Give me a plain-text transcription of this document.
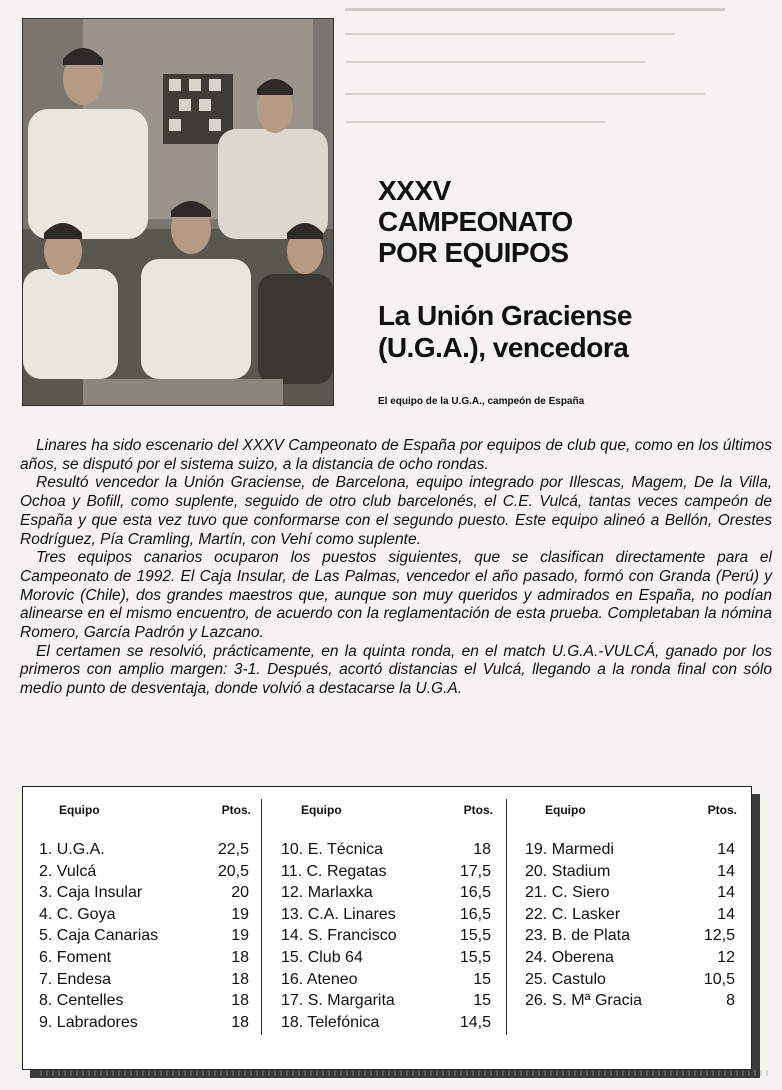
XXXV
CAMPEONATO
POR EQUIPOS
La Unión Graciense
(U.G.A.), vencedora
El equipo de la U.G.A., campeón de España

Linares ha sido escenario del XXXV Campeonato de España por equipos de club que, como en los últimos años, se disputó por el sistema suizo, a la distancia de ocho rondas.

Resultó vencedor la Unión Graciense, de Barcelona, equipo integrado por Illescas, Magem, De la Villa, Ochoa y Bofill, como suplente, seguido de otro club barcelonés, el C.E. Vulcá, tantas veces campeón de España y que esta vez tuvo que conformarse con el segundo puesto. Este equipo alineó a Bellón, Orestes Rodríguez, Pía Cramling, Martín, con Vehí como suplente.

Tres equipos canarios ocuparon los puestos siguientes, que se clasifican directamente para el Campeonato de 1992. El Caja Insular, de Las Palmas, vencedor el año pasado, formó con Granda (Perú) y Morovic (Chile), dos grandes maestros que, aunque son muy queridos y admirados en España, no podían alinearse en el mismo encuentro, de acuerdo con la reglamentación de esta prueba. Completaban la nómina Romero, García Padrón y Lazcano.

El certamen se resolvió, prácticamente, en la quinta ronda, en el match U.G.A.-VULCÁ, ganado por los primeros con amplio margen: 3-1. Después, acortó distancias el Vulcá, llegando a la ronda final con sólo medio punto de desventaja, donde volvió a destacarse la U.G.A.

Equipo	Ptos.
1. U.G.A.	22,5
2. Vulcá	20,5
3. Caja Insular	20
4. C. Goya	19
5. Caja Canarias	19
6. Foment	18
7. Endesa	18
8. Centelles	18
9. Labradores	18
Equipo	Ptos.
10. E. Técnica	18
11. C. Regatas	17,5
12. Marlaxka	16,5
13. C.A. Linares	16,5
14. S. Francisco	15,5
15. Club 64	15,5
16. Ateneo	15
17. S. Margarita	15
18. Telefónica	14,5
Equipo	Ptos.
19. Marmedi	14
20. Stadium	14
21. C. Siero	14
22. C. Lasker	14
23. B. de Plata	12,5
24. Oberena	12
25. Castulo	10,5
26. S. Mª Gracia	8
